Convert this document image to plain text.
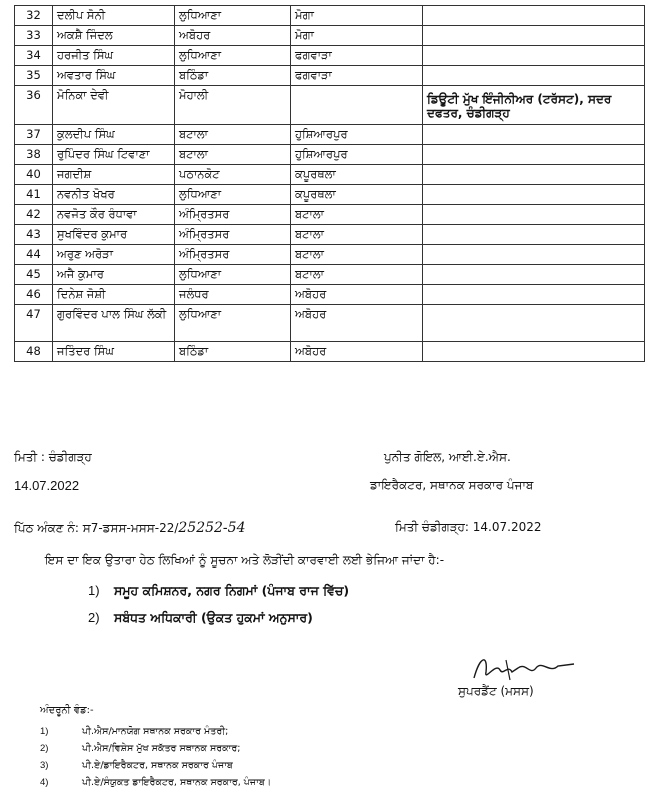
32	ਦਲੀਪ ਸੋਨੀ	ਲੁਧਿਆਣਾ	ਮੋਗਾ	
33	ਅਕਸ਼ੈ ਜਿੰਦਲ	ਅਬੋਹਰ	ਮੋਗਾ	
34	ਹਰਜੀਤ ਸਿੰਘ	ਲੁਧਿਆਣਾ	ਫਗਵਾੜਾ	
35	ਅਵਤਾਰ ਸਿੰਘ	ਬਠਿੰਡਾ	ਫਗਵਾੜਾ	
36	ਮੋਨਿਕਾ ਦੇਵੀ	ਮੋਹਾਲੀ		ਡਿਊਟੀ ਮੁੱਖ ਇੰਜੀਨੀਅਰ (ਟਰੱਸਟ), ਸਦਰ ਦਫਤਰ, ਚੰਡੀਗੜ੍ਹ
37	ਕੁਲਦੀਪ ਸਿੰਘ	ਬਟਾਲਾ	ਹੁਸ਼ਿਆਰਪੁਰ	
38	ਰੁਪਿੰਦਰ ਸਿੰਘ ਟਿਵਾਣਾ	ਬਟਾਲਾ	ਹੁਸ਼ਿਆਰਪੁਰ	
40	ਜਗਦੀਸ਼	ਪਠਾਨਕੋਟ	ਕਪੂਰਥਲਾ	
41	ਨਵਨੀਤ ਖੋਖਰ	ਲੁਧਿਆਣਾ	ਕਪੂਰਥਲਾ	
42	ਨਵਜੋਤ ਕੌਰ ਰੰਧਾਵਾ	ਅੰਮ੍ਰਿਤਸਰ	ਬਟਾਲਾ	
43	ਸੁਖਵਿੰਦਰ ਕੁਮਾਰ	ਅੰਮ੍ਰਿਤਸਰ	ਬਟਾਲਾ	
44	ਅਰੁਣ ਅਰੋੜਾ	ਅੰਮ੍ਰਿਤਸਰ	ਬਟਾਲਾ	
45	ਅਜੈ ਕੁਮਾਰ	ਲੁਧਿਆਣਾ	ਬਟਾਲਾ	
46	ਦਿਨੇਸ਼ ਜੋਸ਼ੀ	ਜਲੰਧਰ	ਅਬੋਹਰ	
47	ਗੁਰਵਿੰਦਰ ਪਾਲ ਸਿੰਘ ਲੱਕੀ	ਲੁਧਿਆਣਾ	ਅਬੋਹਰ	
48	ਜਤਿੰਦਰ ਸਿੰਘ	ਬਠਿੰਡਾ	ਅਬੋਹਰ	
ਮਿਤੀ : ਚੰਡੀਗੜ੍ਹ
14.07.2022
ਪੁਨੀਤ ਗੋਇਲ, ਆਈ.ਏ.ਐਸ.
ਡਾਇਰੈਕਟਰ, ਸਥਾਨਕ ਸਰਕਾਰ ਪੰਜਾਬ
ਪਿੱਠ ਅੰਕਣ ਨੰ: ਸ7-ਡਸਸ-ਮਸਸ-22/25252-54	ਮਿਤੀ ਚੰਡੀਗੜ੍ਹ: 14.07.2022
ਇਸ ਦਾ ਇਕ ਉਤਾਰਾ ਹੇਠ ਲਿਖਿਆਂ ਨੂੰ ਸੂਚਨਾ ਅਤੇ ਲੋੜੀਂਦੀ ਕਾਰਵਾਈ ਲਈ ਭੇਜਿਆ ਜਾਂਦਾ ਹੈ:-
1) ਸਮੂਹ ਕਮਿਸ਼ਨਰ, ਨਗਰ ਨਿਗਮਾਂ (ਪੰਜਾਬ ਰਾਜ ਵਿੱਚ)
2) ਸਬੰਧਤ ਅਧਿਕਾਰੀ (ਉਕਤ ਹੁਕਮਾਂ ਅਨੁਸਾਰ)
ਸੁਪਰਡੈਂਟ (ਮਸਸ)
ਅੰਦਰੂਨੀ ਵੰਡ:-
1)	ਪੀ.ਐਸ/ਮਾਨਯੋਗ ਸਥਾਨਕ ਸਰਕਾਰ ਮੰਤਰੀ;
2)	ਪੀ.ਐਸ/ਵਿਸ਼ੇਸ ਮੁੱਖ ਸਕੱਤਰ ਸਥਾਨਕ ਸਰਕਾਰ;
3)	ਪੀ.ਏ/ਡਾਇਰੈਕਟਰ, ਸਥਾਨਕ ਸਰਕਾਰ ਪੰਜਾਬ
4)	ਪੀ.ਏ/ਸੰਯੁਕਤ ਡਾਇਰੈਕਟਰ, ਸਥਾਨਕ ਸਰਕਾਰ, ਪੰਜਾਬ।
